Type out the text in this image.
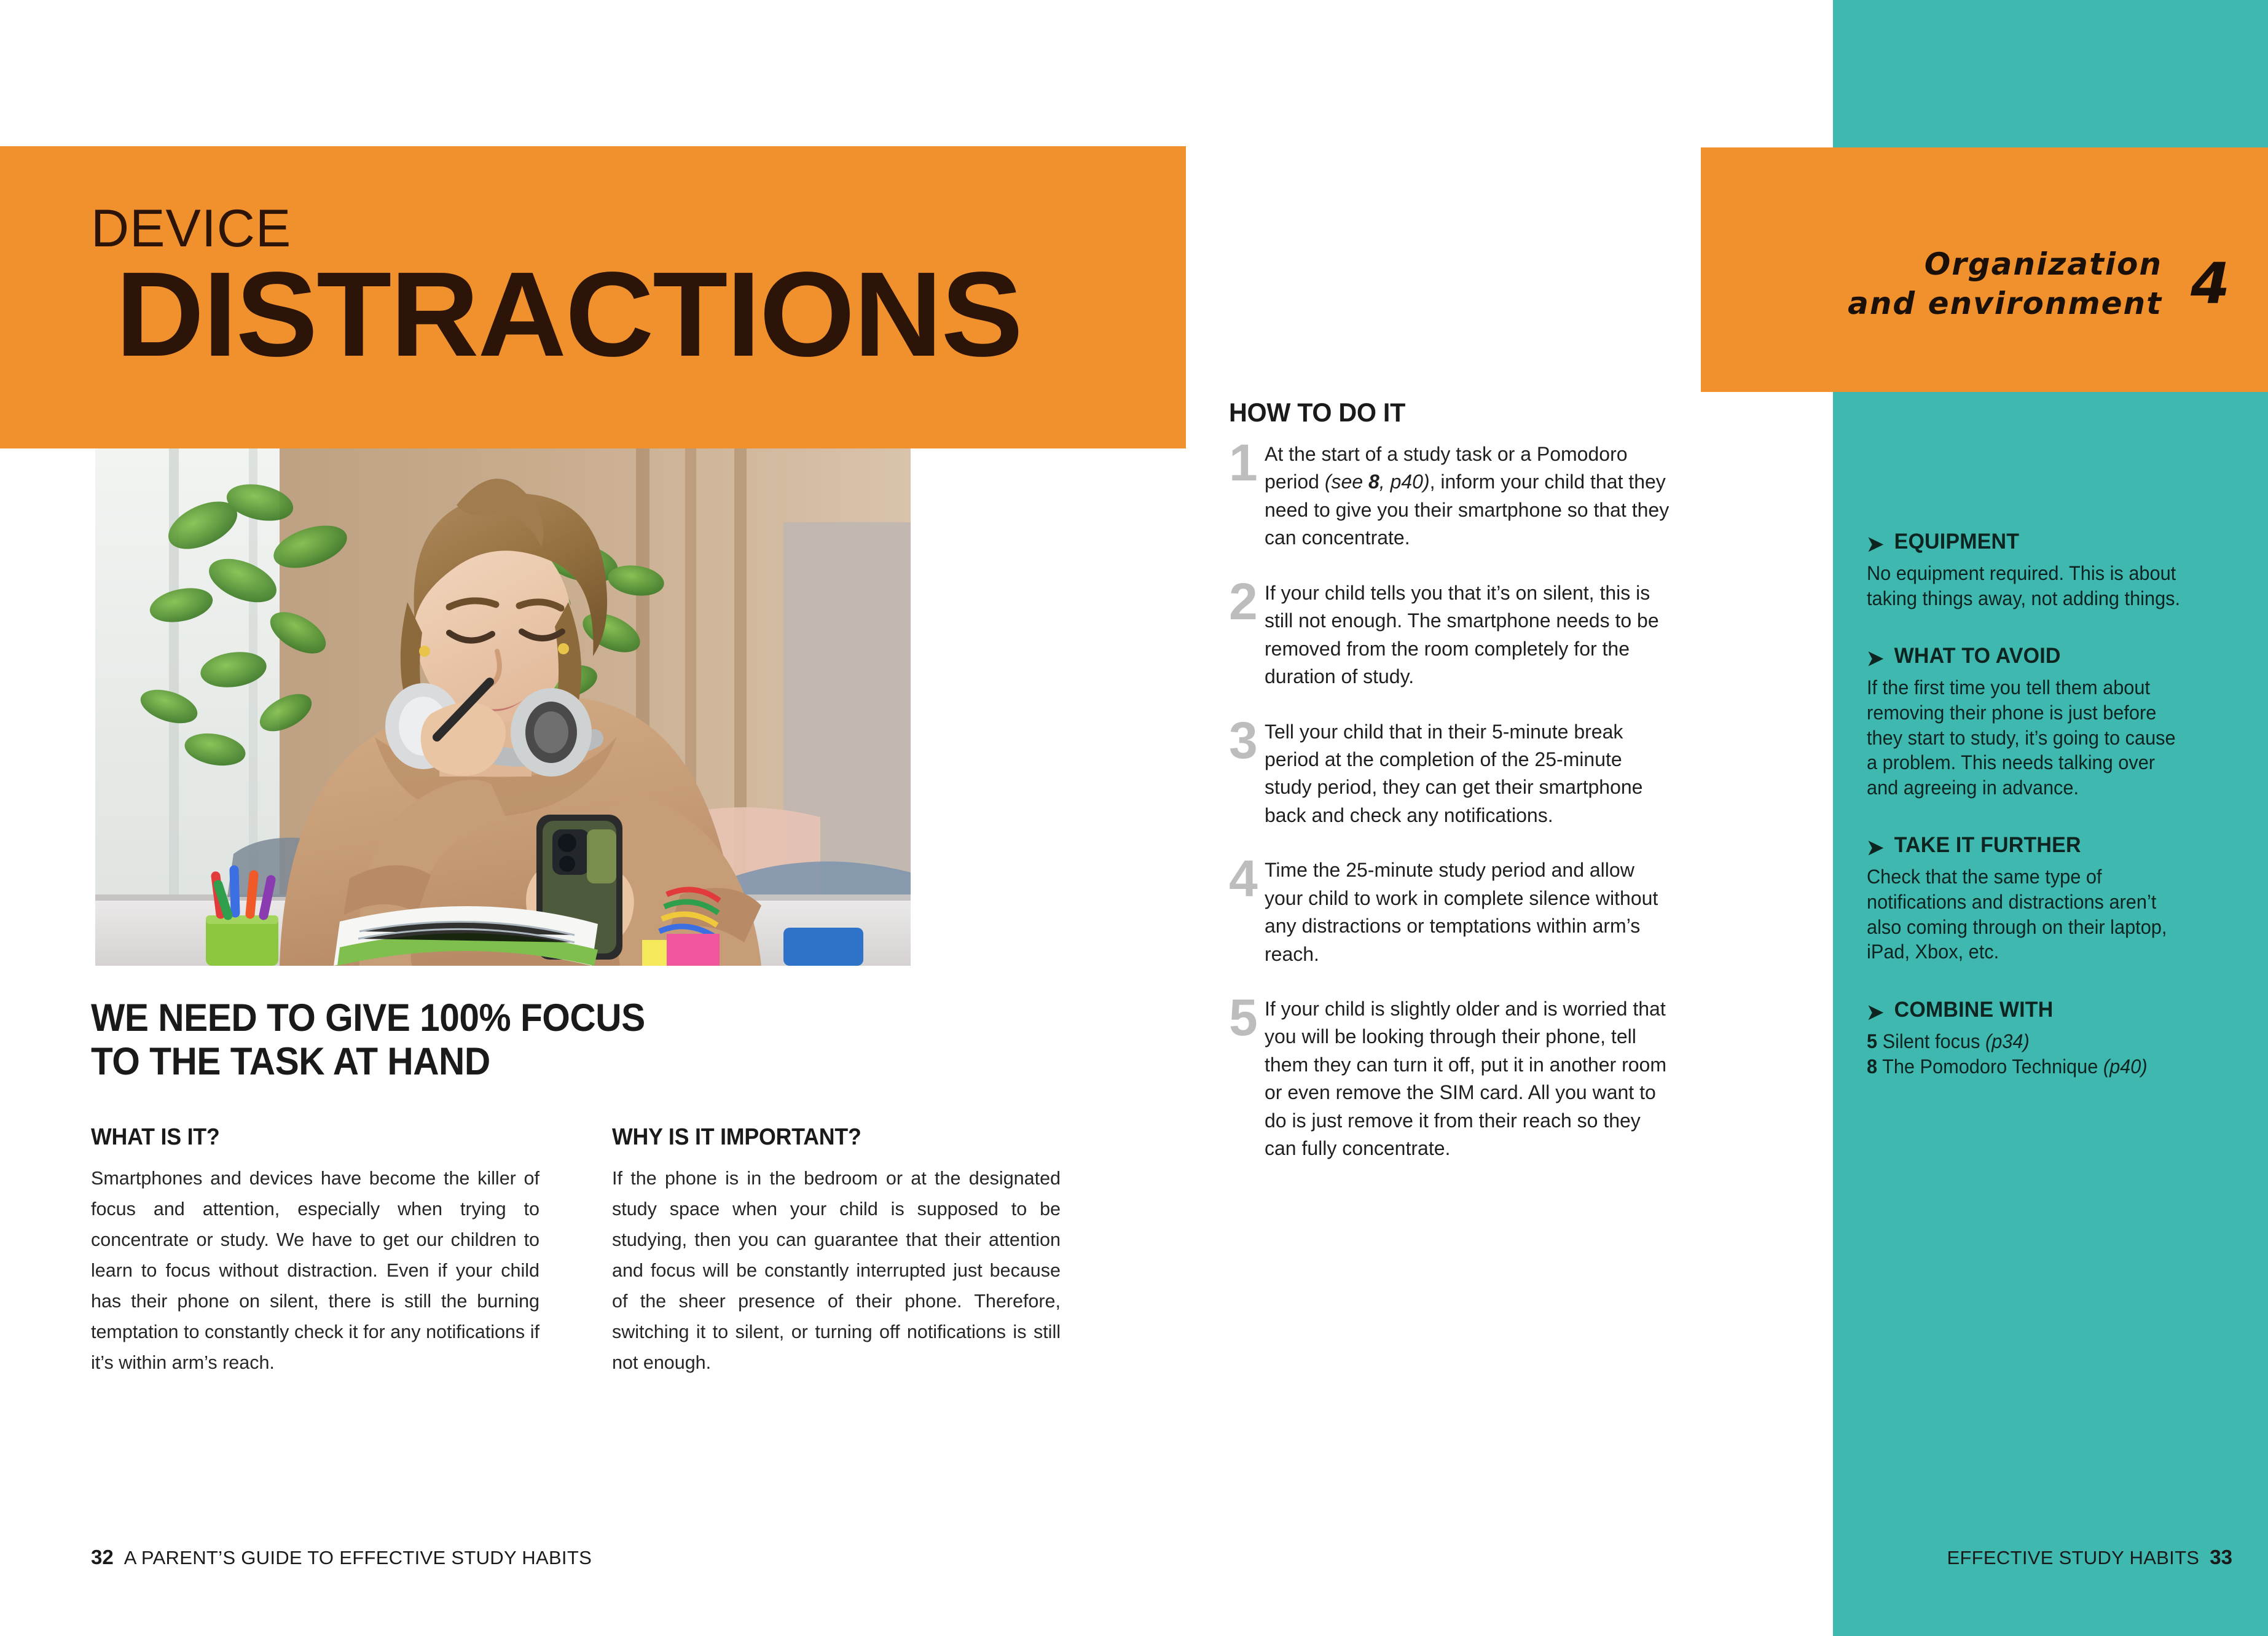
DEVICE
DISTRACTIONS
WE NEED TO GIVE 100% FOCUS
TO THE TASK AT HAND
WHAT IS IT?
Smartphones and devices have become the killer of focus and attention, especially when trying to concentrate or study. We have to get our children to learn to focus without distraction. Even if your child has their phone on silent, there is still the burning temptation to constantly check it for any notifications if it’s within arm’s reach.
WHY IS IT IMPORTANT?
If the phone is in the bedroom or at the designated study space when your child is supposed to be studying, then you can guarantee that their attention and focus will be constantly interrupted just because of the sheer presence of their phone. Therefore, switching it to silent, or turning off notifications is still not enough.
32 A PARENT’S GUIDE TO EFFECTIVE STUDY HABITS
HOW TO DO IT
1 At the start of a study task or a Pomodoro period (see 8, p40), inform your child that they need to give you their smartphone so that they can concentrate.
2 If your child tells you that it’s on silent, this is still not enough. The smartphone needs to be removed from the room completely for the duration of study.
3 Tell your child that in their 5-minute break period at the completion of the 25-minute study period, they can get their smartphone back and check any notifications.
4 Time the 25-minute study period and allow your child to work in complete silence without any distractions or temptations within arm’s reach.
5 If your child is slightly older and is worried that you will be looking through their phone, tell them they can turn it off, put it in another room or even remove the SIM card. All you want to do is just remove it from their reach so they can fully concentrate.
Organization
and environment 4
➤ EQUIPMENT
No equipment required. This is about taking things away, not adding things.
➤ WHAT TO AVOID
If the first time you tell them about removing their phone is just before they start to study, it’s going to cause a problem. This needs talking over and agreeing in advance.
➤ TAKE IT FURTHER
Check that the same type of notifications and distractions aren’t also coming through on their laptop, iPad, Xbox, etc.
➤ COMBINE WITH
5 Silent focus (p34)
8 The Pomodoro Technique (p40)
EFFECTIVE STUDY HABITS 33
